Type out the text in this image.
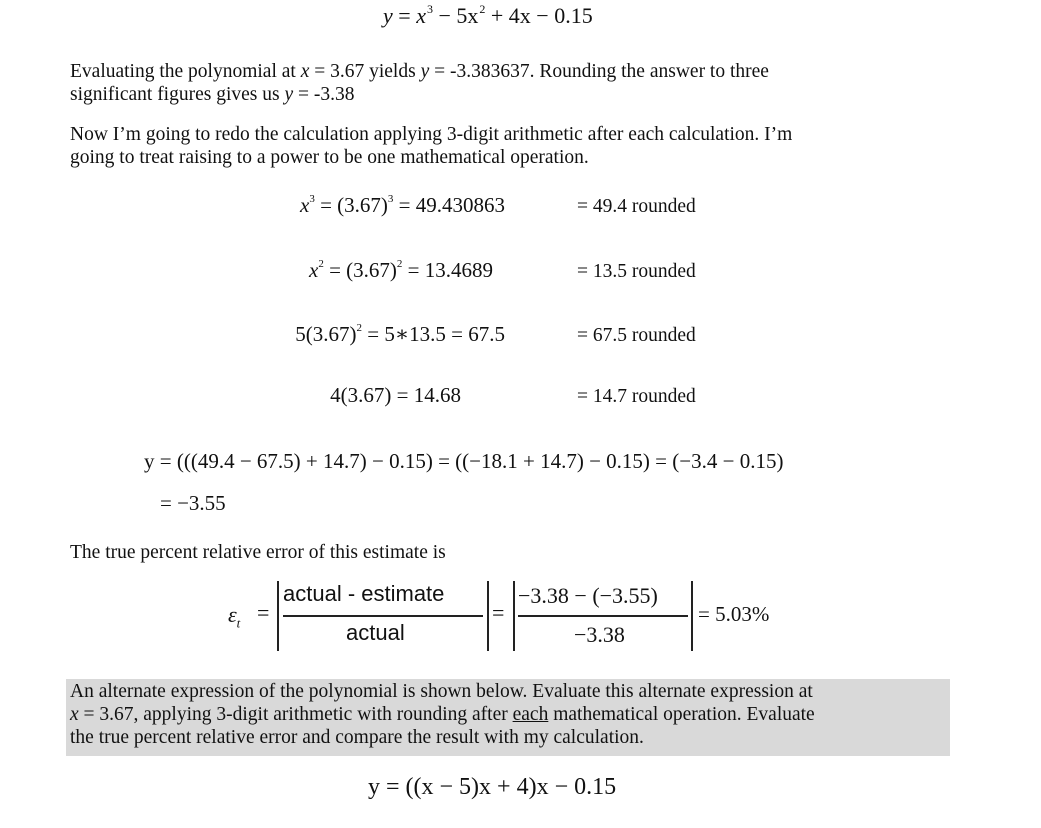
$y = x^3 - 5x^2 + 4x - 0.15$
Evaluating the polynomial at x = 3.67 yields y = -3.383637. Rounding the answer to three
significant figures gives us y = -3.38
Now I’m going to redo the calculation applying 3-digit arithmetic after each calculation. I’m
going to treat raising to a power to be one mathematical operation.
$x^3 = (3.67)^3 = 49.430863$	= 49.4 rounded
$x^2 = (3.67)^2 = 13.4689$	= 13.5 rounded
$5(3.67)^2$ = 5∗13.5 = 67.5	= 67.5 rounded
4(3.67) = 14.68	= 14.7 rounded
y = (((49.4 − 67.5) + 14.7) − 0.15) = ((−18.1 + 14.7) − 0.15) = (−3.4 − 0.15)
= −3.55
The true percent relative error of this estimate is
$\varepsilon_t$ =
actual - estimate
actual
=
−3.38 − (−3.55)
−3.38
= 5.03%
An alternate expression of the polynomial is shown below. Evaluate this alternate expression at
x = 3.67, applying 3-digit arithmetic with rounding after each mathematical operation. Evaluate
the true percent relative error and compare the result with my calculation.
y = ((x − 5)x + 4)x − 0.15
